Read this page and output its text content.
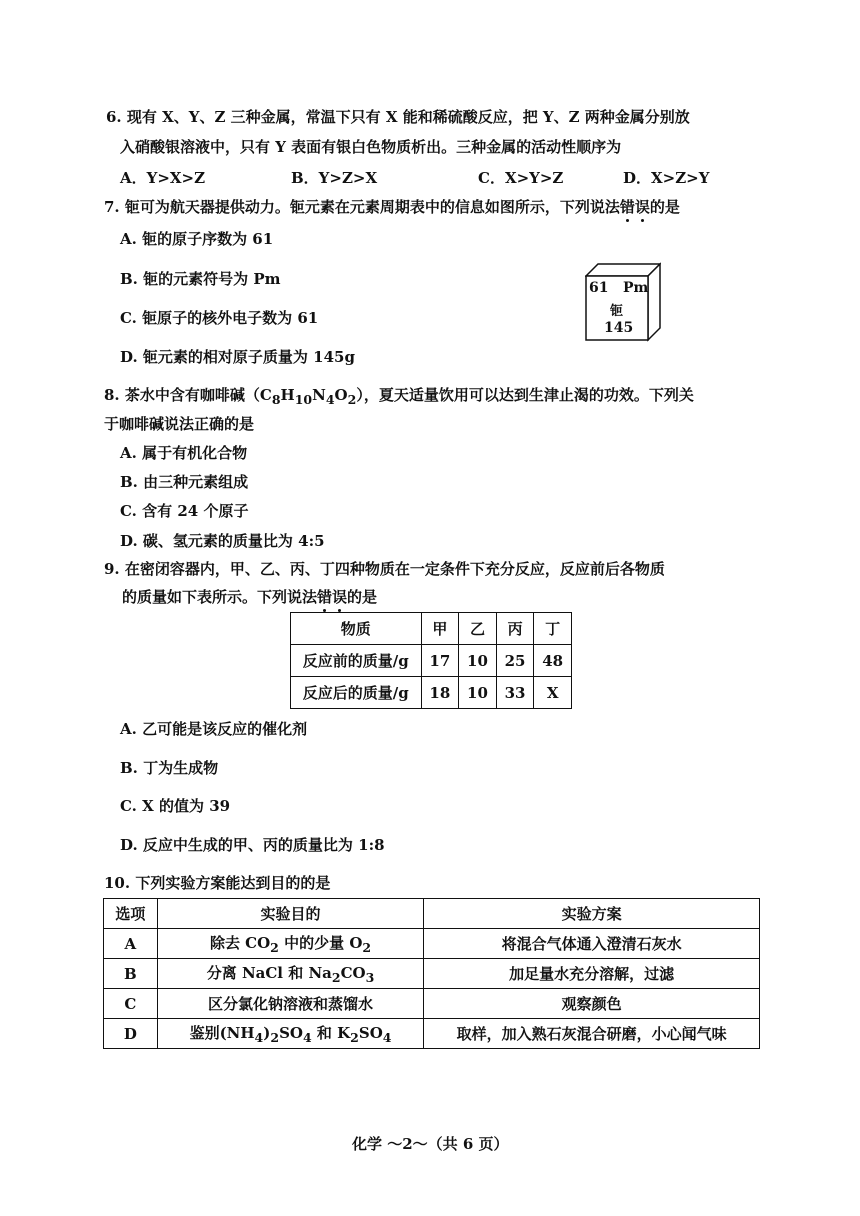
6. 现有 X、Y、Z 三种金属，常温下只有 X 能和稀硫酸反应，把 Y、Z 两种金属分别放
入硝酸银溶液中，只有 Y 表面有银白色物质析出。三种金属的活动性顺序为
A．Y>X>Z	B．Y>Z>X	C．X>Y>Z	D．X>Z>Y
7. 钷可为航天器提供动力。钷元素在元素周期表中的信息如图所示，下列说法错误的是
A. 钷的原子序数为 61
B. 钷的元素符号为 Pm
C. 钷原子的核外电子数为 61
D. 钷元素的相对原子质量为 145g
61 Pm
钷
145
8. 茶水中含有咖啡碱$(C_8H_{10}N_4O_2)$，夏天适量饮用可以达到生津止渴的功效。下列关
于咖啡碱说法正确的是
A. 属于有机化合物
B. 由三种元素组成
C. 含有 24 个原子
D. 碳、氢元素的质量比为 4:5
9. 在密闭容器内，甲、乙、丙、丁四种物质在一定条件下充分反应，反应前后各物质
的质量如下表所示。下列说法错误的是
物质	甲	乙	丙	丁
反应前的质量/g	17	10	25	48
反应后的质量/g	18	10	33	X
A. 乙可能是该反应的催化剂
B. 丁为生成物
C. X 的值为 39
D. 反应中生成的甲、丙的质量比为 1:8
10. 下列实验方案能达到目的的是
选项	实验目的	实验方案
A	除去 $CO_2$ 中的少量 $O_2$	将混合气体通入澄清石灰水
B	分离 NaCl 和 $Na_2CO_3$	加足量水充分溶解，过滤
C	区分氯化钠溶液和蒸馏水	观察颜色
D	鉴别$(NH_4)_2SO_4$ 和 $K_2SO_4$	取样，加入熟石灰混合研磨，小心闻气味
化学 ～2～（共 6 页）
